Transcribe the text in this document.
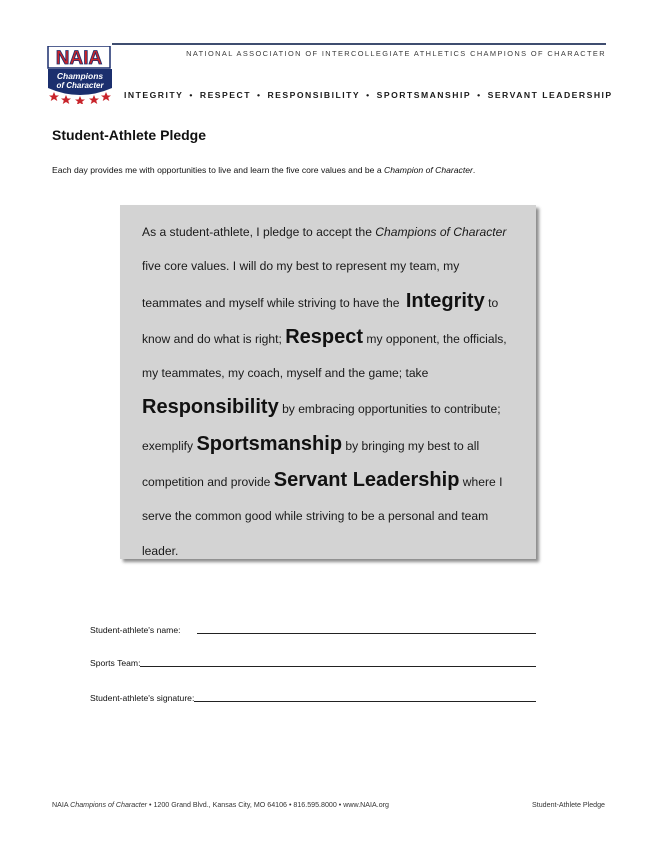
NAIA
Champions
of Character
NATIONAL ASSOCIATION OF INTERCOLLEGIATE ATHLETICS CHAMPIONS OF CHARACTER
INTEGRITY • RESPECT • RESPONSIBILITY • SPORTSMANSHIP • SERVANT LEADERSHIP
Student-Athlete Pledge
Each day provides me with opportunities to live and learn the five core values and be a Champion of Character.
As a student-athlete, I pledge to accept the Champions of Character five core values. I will do my best to represent my team, my teammates and myself while striving to have the Integrity to know and do what is right; Respect my opponent, the officials, my teammates, my coach, myself and the game; take Responsibility by embracing opportunities to contribute; exemplify Sportsmanship by bringing my best to all competition and provide Servant Leadership where I serve the common good while striving to be a personal and team leader.
Student-athlete's name:
Sports Team:
Student-athlete's signature:
NAIA Champions of Character • 1200 Grand Blvd., Kansas City, MO 64106 • 816.595.8000 • www.NAIA.org	Student-Athlete Pledge
